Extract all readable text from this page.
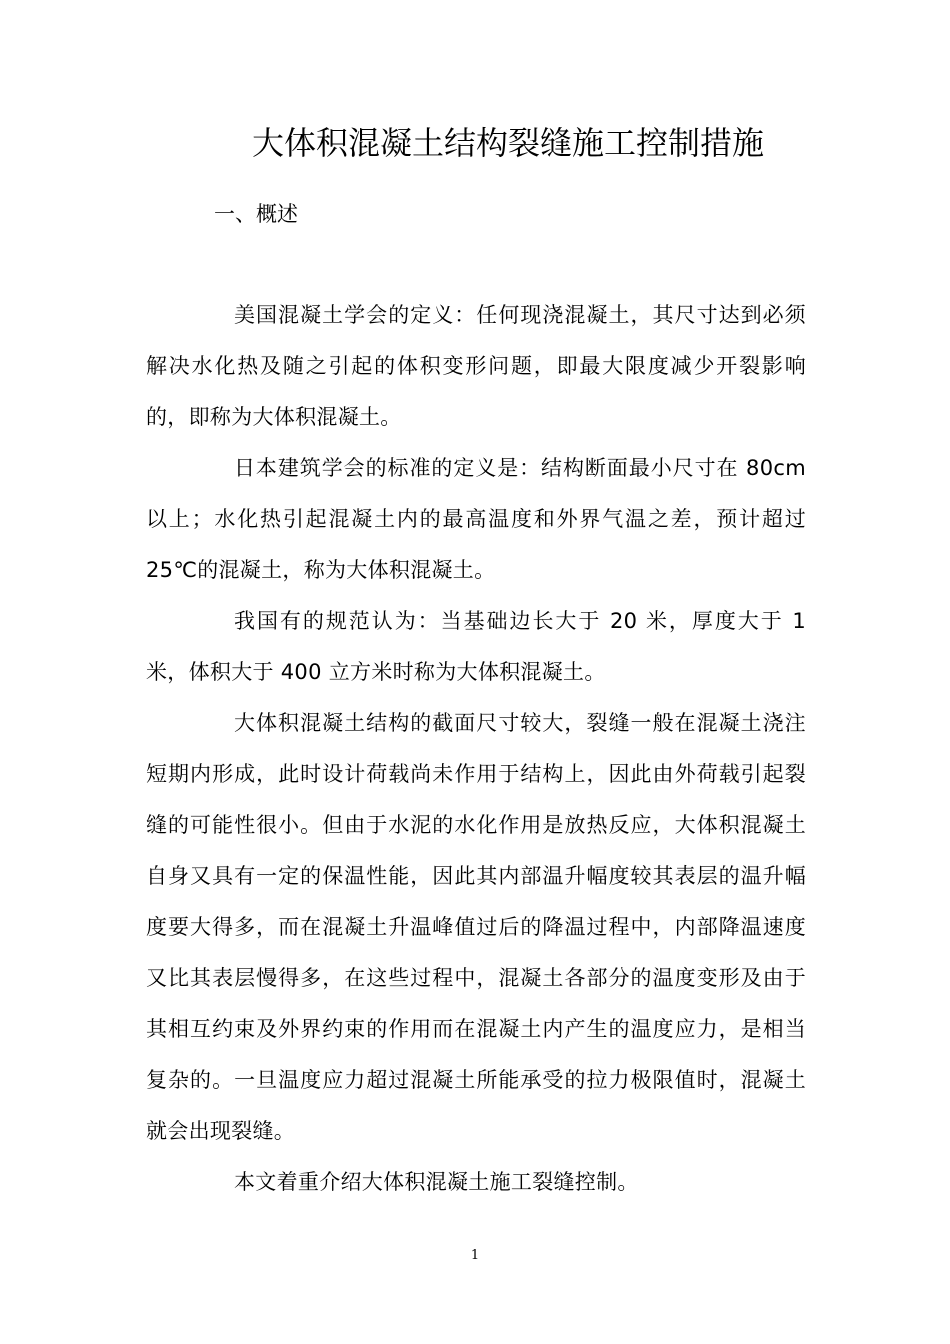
大体积混凝土结构裂缝施工控制措施
一、概述

美国混凝土学会的定义：任何现浇混凝土，其尺寸达到必须解决水化热及随之引起的体积变形问题，即最大限度减少开裂影响的，即称为大体积混凝土。

日本建筑学会的标准的定义是：结构断面最小尺寸在 80cm 以上；水化热引起混凝土内的最高温度和外界气温之差，预计超过 25℃的混凝土，称为大体积混凝土。

我国有的规范认为：当基础边长大于 20 米，厚度大于 1 米，体积大于 400 立方米时称为大体积混凝土。

大体积混凝土结构的截面尺寸较大，裂缝一般在混凝土浇注短期内形成，此时设计荷载尚未作用于结构上，因此由外荷载引起裂缝的可能性很小。但由于水泥的水化作用是放热反应，大体积混凝土自身又具有一定的保温性能，因此其内部温升幅度较其表层的温升幅度要大得多，而在混凝土升温峰值过后的降温过程中，内部降温速度又比其表层慢得多，在这些过程中，混凝土各部分的温度变形及由于其相互约束及外界约束的作用而在混凝土内产生的温度应力，是相当复杂的。一旦温度应力超过混凝土所能承受的拉力极限值时，混凝土就会出现裂缝。

本文着重介绍大体积混凝土施工裂缝控制。

1
